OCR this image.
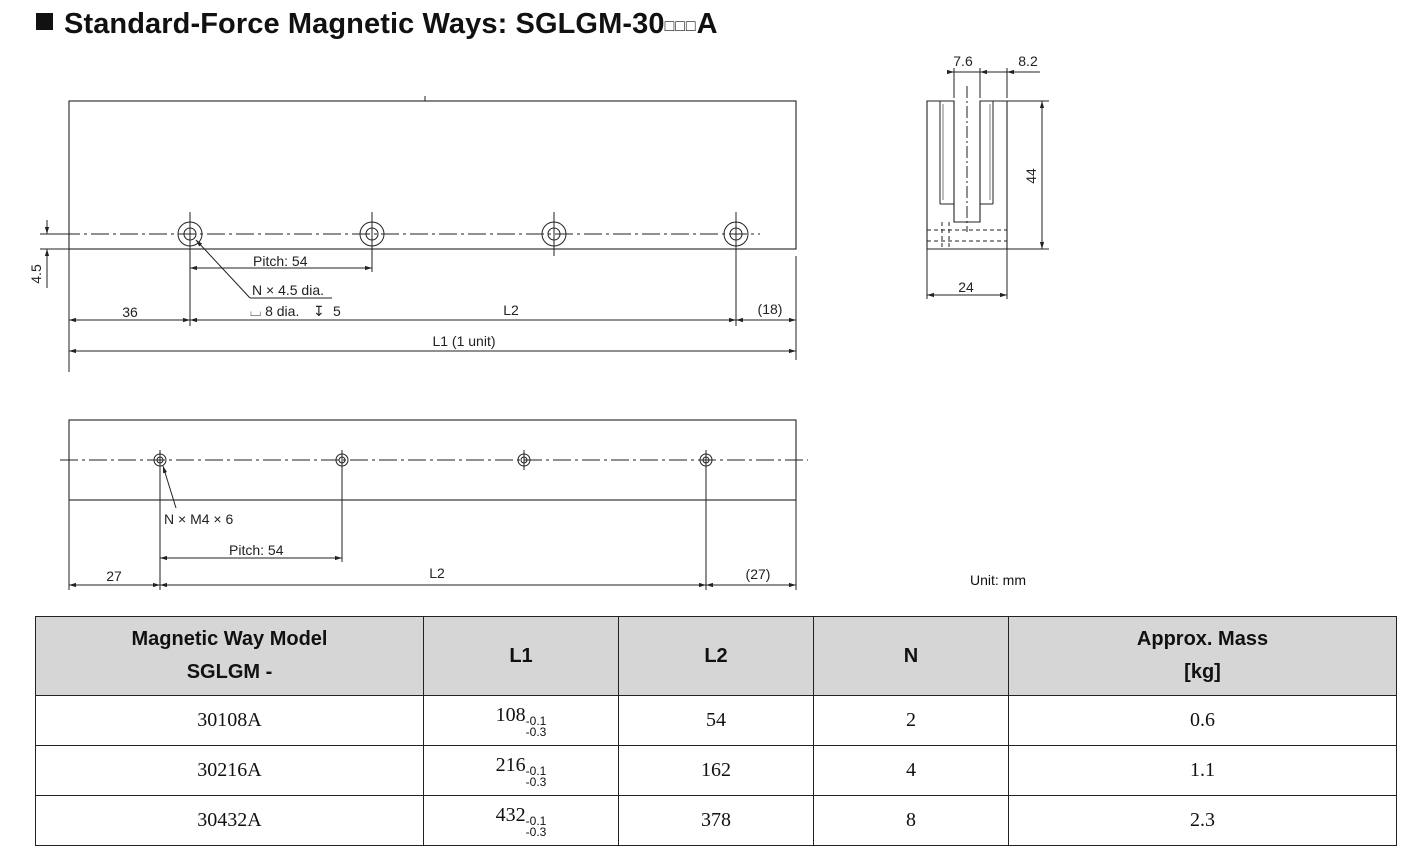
Standard-Force Magnetic Ways: SGLGM-30□□□A
4.5
Pitch: 54
N × 4.5 dia.
⌴ 8 dia. ↧ 5
36	L2	(18)
L1 (1 unit)
7.6	8.2
44
24
N × M4 × 6
Pitch: 54
27	L2	(27)	Unit: mm
Magnetic Way Model
SGLGM -	L1	L2	N	Approx. Mass
[kg]
30108A	108 -0.1
-0.3	54	2	0.6
30216A	216 -0.1
-0.3	162	4	1.1
30432A	432 -0.1
-0.3	378	8	2.3
